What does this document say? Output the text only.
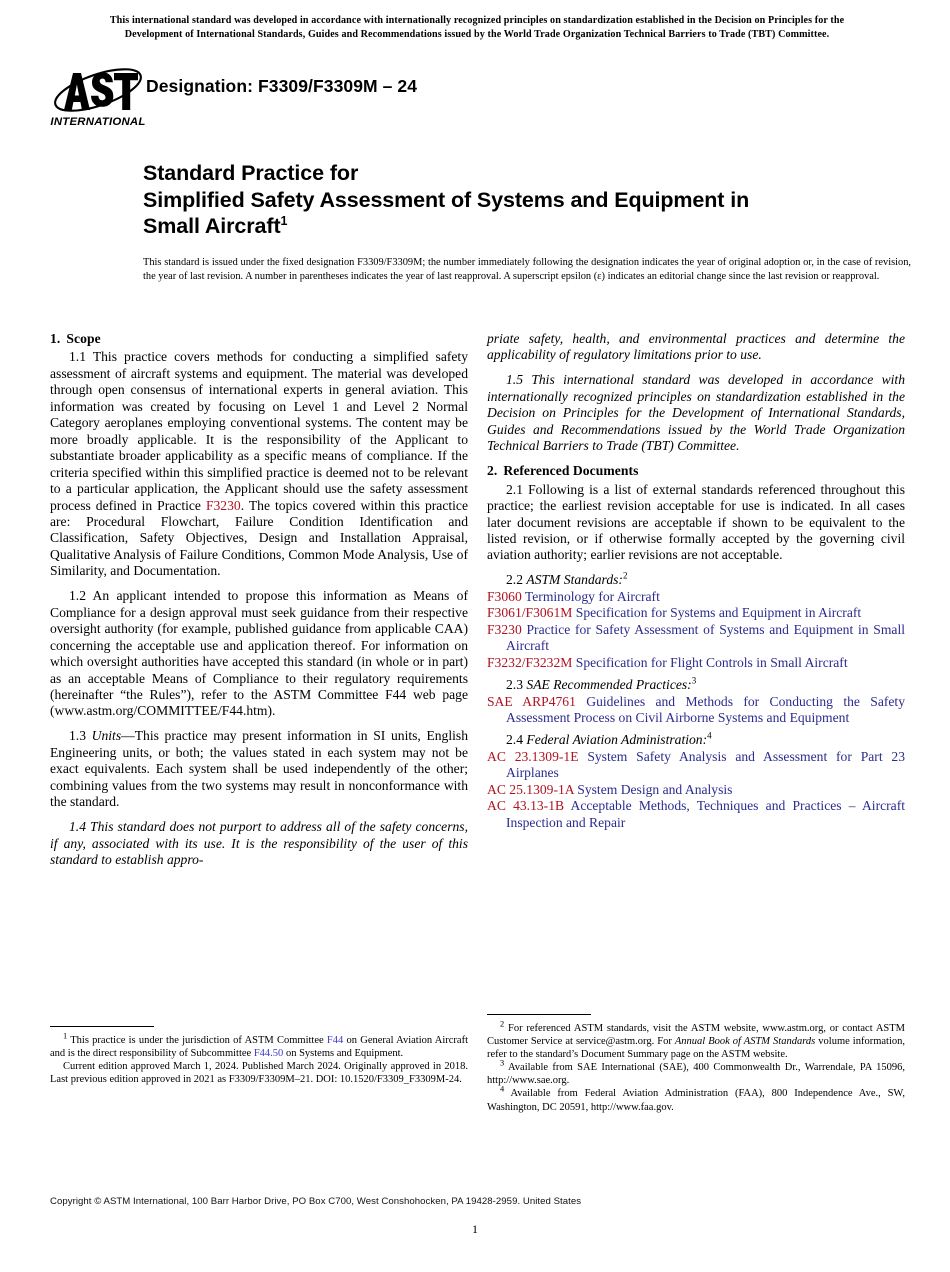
This international standard was developed in accordance with internationally recognized principles on standardization established in the Decision on Principles for the
Development of International Standards, Guides and Recommendations issued by the World Trade Organization Technical Barriers to Trade (TBT) Committee.
INTERNATIONAL
Designation: F3309/F3309M – 24
Standard Practice for
Simplified Safety Assessment of Systems and Equipment in
Small Aircraft$^1$
This standard is issued under the fixed designation F3309/F3309M; the number immediately following the designation indicates the year of original adoption or, in the case of revision, the year of last revision. A number in parentheses indicates the year of last reapproval. A superscript epsilon (ε) indicates an editorial change since the last revision or reapproval.
1. Scope

1.1 This practice covers methods for conducting a simplified safety assessment of aircraft systems and equipment. The material was developed through open consensus of international experts in general aviation. This information was created by focusing on Level 1 and Level 2 Normal Category aeroplanes employing conventional systems. The content may be more broadly applicable. It is the responsibility of the Applicant to substantiate broader applicability as a specific means of compliance. If the criteria specified within this simplified practice is deemed not to be relevant to a particular application, the Applicant should use the safety assessment process defined in Practice F3230. The topics covered within this practice are: Procedural Flowchart, Failure Condition Identification and Classification, Safety Objectives, Design and Installation Appraisal, Qualitative Analysis of Failure Conditions, Common Mode Analysis, Use of Similarity, and Documentation.

1.2 An applicant intended to propose this information as Means of Compliance for a design approval must seek guidance from their respective oversight authority (for example, published guidance from applicable CAA) concerning the acceptable use and application thereof. For information on which oversight authorities have accepted this standard (in whole or in part) as an acceptable Means of Compliance to their regulatory requirements (hereinafter “the Rules”), refer to the ASTM Committee F44 web page (www.astm.org/COMMITTEE/F44.htm).

1.3 Units—This practice may present information in SI units, English Engineering units, or both; the values stated in each system may not be exact equivalents. Each system shall be used independently of the other; combining values from the two systems may result in nonconformance with the standard.

1.4 This standard does not purport to address all of the safety concerns, if any, associated with its use. It is the responsibility of the user of this standard to establish appro-

priate safety, health, and environmental practices and determine the applicability of regulatory limitations prior to use.

1.5 This international standard was developed in accordance with internationally recognized principles on standardization established in the Decision on Principles for the Development of International Standards, Guides and Recommendations issued by the World Trade Organization Technical Barriers to Trade (TBT) Committee.

2. Referenced Documents

2.1 Following is a list of external standards referenced throughout this practice; the earliest revision acceptable for use is indicated. In all cases later document revisions are acceptable if shown to be equivalent to the listed revision, or if otherwise formally accepted by the governing civil aviation authority; earlier revisions are not acceptable.

2.2 ASTM Standards:$^2$

F3060 Terminology for Aircraft
F3061/F3061M Specification for Systems and Equipment in Aircraft
F3230 Practice for Safety Assessment of Systems and Equipment in Small Aircraft
F3232/F3232M Specification for Flight Controls in Small Aircraft

2.3 SAE Recommended Practices:$^3$

SAE ARP4761 Guidelines and Methods for Conducting the Safety Assessment Process on Civil Airborne Systems and Equipment

2.4 Federal Aviation Administration:$^4$

AC 23.1309-1E System Safety Analysis and Assessment for Part 23 Airplanes
AC 25.1309-1A System Design and Analysis
AC 43.13-1B Acceptable Methods, Techniques and Practices – Aircraft Inspection and Repair

$^1$ This practice is under the jurisdiction of ASTM Committee F44 on General Aviation Aircraft and is the direct responsibility of Subcommittee F44.50 on Systems and Equipment.

Current edition approved March 1, 2024. Published March 2024. Originally approved in 2018. Last previous edition approved in 2021 as F3309/F3309M–21. DOI: 10.1520/F3309_F3309M-24.

$^2$ For referenced ASTM standards, visit the ASTM website, www.astm.org, or contact ASTM Customer Service at service@astm.org. For Annual Book of ASTM Standards volume information, refer to the standard’s Document Summary page on the ASTM website.

$^3$ Available from SAE International (SAE), 400 Commonwealth Dr., Warrendale, PA 15096, http://www.sae.org.

$^4$ Available from Federal Aviation Administration (FAA), 800 Independence Ave., SW, Washington, DC 20591, http://www.faa.gov.

Copyright © ASTM International, 100 Barr Harbor Drive, PO Box C700, West Conshohocken, PA 19428-2959. United States
1
